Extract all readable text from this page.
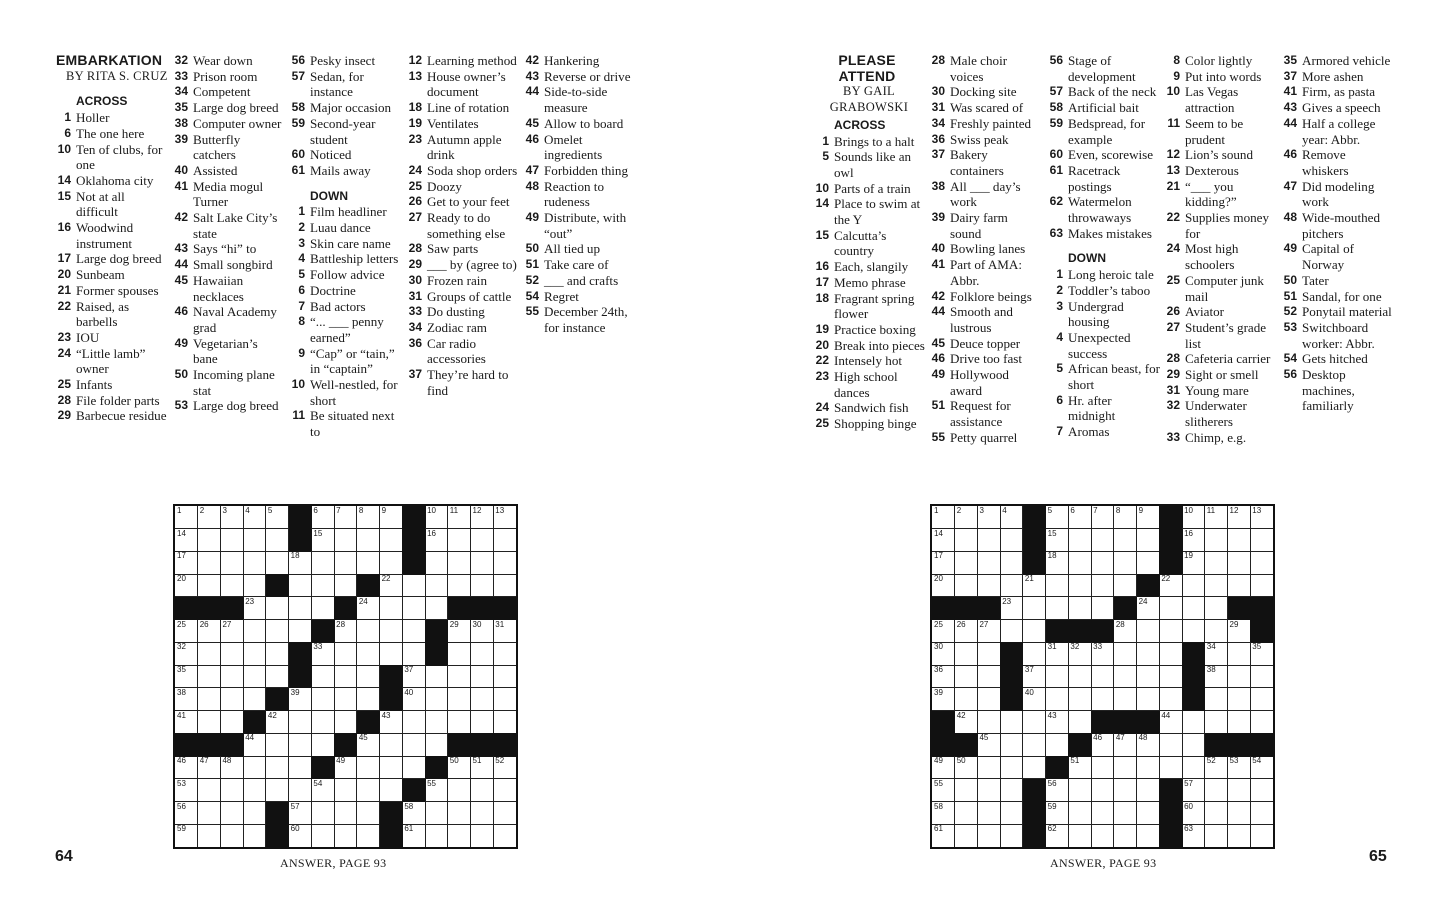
EMBARKATION
BY RITA S. CRUZ
ACROSS
1 Holler
6 The one here
10 Ten of clubs, for one
14 Oklahoma city
15 Not at all difficult
16 Woodwind instrument
17 Large dog breed
20 Sunbeam
21 Former spouses
22 Raised, as barbells
23 IOU
24 “Little lamb” owner
25 Infants
28 File folder parts
29 Barbecue residue
32 Wear down
33 Prison room
34 Competent
35 Large dog breed
38 Computer owner
39 Butterfly catchers
40 Assisted
41 Media mogul Turner
42 Salt Lake City’s state
43 Says “hi” to
44 Small songbird
45 Hawaiian necklaces
46 Naval Academy grad
49 Vegetarian’s bane
50 Incoming plane stat
53 Large dog breed
56 Pesky insect
57 Sedan, for instance
58 Major occasion
59 Second-year student
60 Noticed
61 Mails away
DOWN
1 Film headliner
2 Luau dance
3 Skin care name
4 Battleship letters
5 Follow advice
6 Doctrine
7 Bad actors
8 “... ___ penny earned”
9 “Cap” or “tain,” in “captain”
10 Well-nestled, for short
11 Be situated next to
12 Learning method
13 House owner’s document
18 Line of rotation
19 Ventilates
23 Autumn apple drink
24 Soda shop orders
25 Doozy
26 Get to your feet
27 Ready to do something else
28 Saw parts
29 ___ by (agree to)
30 Frozen rain
31 Groups of cattle
33 Do dusting
34 Zodiac ram
36 Car radio accessories
37 They’re hard to find
42 Hankering
43 Reverse or drive
44 Side-to-side measure
45 Allow to board
46 Omelet ingredients
47 Forbidden thing
48 Reaction to rudeness
49 Distribute, with “out”
50 All tied up
51 Take care of
52 ___ and crafts
54 Regret
55 December 24th, for instance
1 2 3 4 5	6 7 8 9	10 11 12 13
14	15	16
17	18
20	22
23	24
25 26 27	28	29 30 31
32	33
35	37
38	39	40
41	42	43
44	45
46 47 48	49	50 51 52
53	54	55
56	57	58
59	60	61
64	ANSWER, PAGE 93
PLEASE ATTEND
BY GAIL GRABOWSKI
ACROSS
1 Brings to a halt
5 Sounds like an owl
10 Parts of a train
14 Place to swim at the Y
15 Calcutta’s country
16 Each, slangily
17 Memo phrase
18 Fragrant spring flower
19 Practice boxing
20 Break into pieces
22 Intensely hot
23 High school dances
24 Sandwich fish
25 Shopping binge
28 Male choir voices
30 Docking site
31 Was scared of
34 Freshly painted
36 Swiss peak
37 Bakery containers
38 All ___ day’s work
39 Dairy farm sound
40 Bowling lanes
41 Part of AMA: Abbr.
42 Folklore beings
44 Smooth and lustrous
45 Deuce topper
46 Drive too fast
49 Hollywood award
51 Request for assistance
55 Petty quarrel
56 Stage of development
57 Back of the neck
58 Artificial bait
59 Bedspread, for example
60 Even, scorewise
61 Racetrack postings
62 Watermelon throwaways
63 Makes mistakes
DOWN
1 Long heroic tale
2 Toddler’s taboo
3 Undergrad housing
4 Unexpected success
5 African beast, for short
6 Hr. after midnight
7 Aromas
8 Color lightly
9 Put into words
10 Las Vegas attraction
11 Seem to be prudent
12 Lion’s sound
13 Dexterous
21 “___ you kidding?”
22 Supplies money for
24 Most high schoolers
25 Computer junk mail
26 Aviator
27 Student’s grade list
28 Cafeteria carrier
29 Sight or smell
31 Young mare
32 Underwater slitherers
33 Chimp, e.g.
35 Armored vehicle
37 More ashen
41 Firm, as pasta
43 Gives a speech
44 Half a college year: Abbr.
46 Remove whiskers
47 Did modeling work
48 Wide-mouthed pitchers
49 Capital of Norway
50 Tater
51 Sandal, for one
52 Ponytail material
53 Switchboard worker: Abbr.
54 Gets hitched
56 Desktop machines, familiarly
1 2 3 4	5 6 7 8 9	10 11 12 13
14	15	16
17	18	19
20	21	22
23	24
25 26 27	28	29
30	31 32 33	34	35
36	37	38
39	40
42	43	44
45	46 47 48
49 50	51	52 53 54
55	56	57
58	59	60
61	62	63
65
ANSWER, PAGE 93
